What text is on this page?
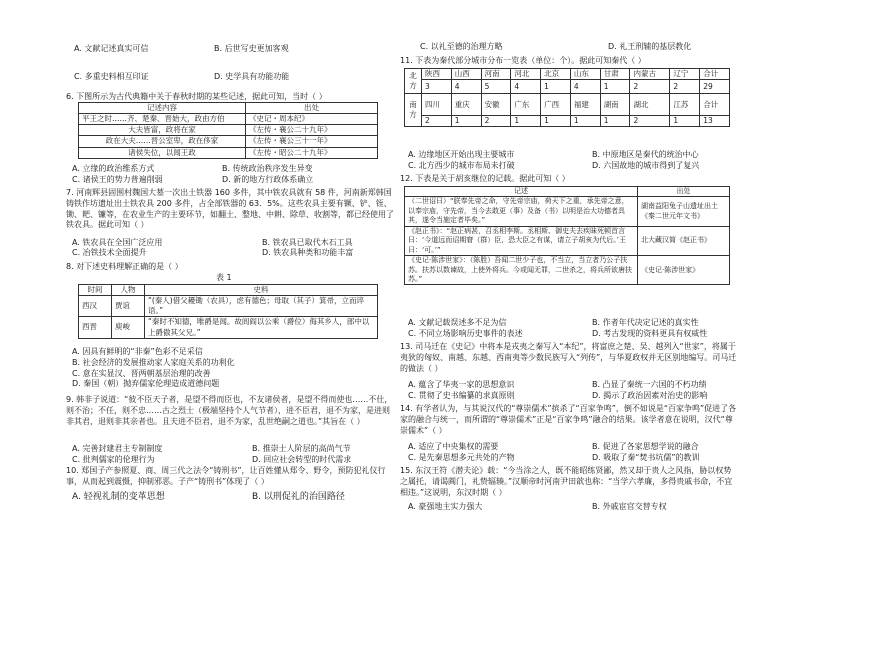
A. 文献记述真实可信	B. 后世写史更加客观
C. 多重史料相互印证	D. 史学具有功能功能
6. 下图所示为古代典籍中关于春秋时期的某些记述，据此可知，当时（ ）
记述内容	出处
平王之时……齐、楚秦、晋始大，政由方伯	《史记・周本纪》
大夫皆富，政将在家	《左传・襄公二十九年》
政在大夫……晋公室卑，政在侈家	《左传・襄公三十一年》
诸侯失位，以闻王政	《左传・昭公二十九年》
A. 立缘的政治维系方式	B. 传统政治秩序发生异变
C. 诸侯王的势力普遍削弱	D. 新的地方行政体系确立
7. 河南辉县固围村魏国大墓一次出土铁器 160 多件，其中铁农具就有 58 件，河南新郑韩国铸铁作坊遗址出土铁农具 200 多件，占全部铁器的 63．5%。这些农具主要有镢、铲、铚、锄、耙、镰等，在农业生产的主要环节，如翻土、整地、中耕、除草、收割等，都已经使用了铁农具。据此可知（ ）
A. 铁农具在全国广泛应用	B. 铁农具已取代木石工具
C. 冶铁技术全面提升	D. 铁农具种类和功能丰富
8. 对下述史料理解正确的是（ ）
表 1
时间	人物	史料
西汉	贾谊	“(秦人)借父耰锄（农具），虑有德色；母取（其子）箕帚，立而谇语。”
西晋	庾峻	“秦时不知德，唯爵是闻。故闾阎以公乘（爵位）侮其乡人，郎中以上爵傲其父兄。”
A. 因具有鲜明的“非秦”色彩不足采信
B. 社会经济的发展推动家人家庭关系的功利化
C. 意在实显汉、晋两朝基层治理的改善
D. 秦国（朝）抛弃儒家伦理造成道德问题
9. 韩非子说道：“彼不臣天子者，是望不得而臣也，不友诸侯者，是望不得而使也……不仕，则不治；不任，则不忠……古之烈士（极端坚持个人气节者），进不臣君，退不为家，是进则非其君，退则非其亲者也。且夫进不臣君，退不为家，乱世绝嗣之道也。”其旨在（ ）
A. 完善封建君主专制制度	B. 推崇士人阶层的高尚气节
C. 批判儒家的伦理行为	D. 回应社会转型的时代需求
10. 郑国子产参照夏、商、周三代之法令“铸刑书”，让百姓懂从郑令、野令，预防犯礼仪行事，从而起到震慑，抑制邪恶。子产“铸刑书”体现了（ ）
A. 轻视礼制的变革思想	B. 以刑促礼的治国路径
C. 以礼至德的治理方略	D. 礼王刑辅的基层教化
11. 下表为秦代部分城市分布一览表（单位：个）。据此可知秦代（ ）
北方	陕西	山西	河南	河北	北京	山东	甘肃	内蒙古	辽宁	合计
	3	4	5	4	1	4	1	2	2	29
南方	四川	重庆	安徽	广东	广西	福建	湖南	湖北	江苏	合计
	2	1	2	1	1	1	1	2	1	13
A. 边缘地区开始出现主要城市	B. 中原地区是秦代的统治中心
C. 北方西少的城市布局未打破	D. 六国故地的城市得到了复兴
12. 下表是关于胡亥继位的记载。据此可知（ ）
记述	出处
（二世诏曰）“朕奉先帝之命，守先帝宗庙，荷天下之重，承先帝之意，以奉宗庙，守先帝，当今去敢更（事）及备（书）以明是治大功德者具其，遂令当施定者毕矣。”	湖南益阳兔子山遗址出土《秦二世元年文书》
《赵正书》：“赵正病甚，召丞相李斯。丞相斯、御史夫去疾昧死顿首言曰：‘今道远而诏期窘（群）臣，恐大臣之有谋，请立子胡亥为代后。’王曰：‘可。’”	北大藏汉简《赵正书》
《史记·陈涉世家》：（陈胜）吾闻二世少子也，不当立，当立者乃公子扶苏。扶苏以数谏故，上使外将兵。今或闻无罪，二世杀之，将兵所欲唐扶苏。”	《史记·陈涉世家》
A. 文献记载误述多不足为信	B. 作者年代决定记述的真实性
C. 不同立场影响历史事件的表述	D. 考古发现的资料更具有权威性
13. 司马迁在《史记》中将本是戎夷之秦写入“本纪”，将富庶之楚、吴、越列入“世家”，将属于夷狄的匈奴、南越、东越、西南夷等少数民族写入“列传”，与华夏政权并无区别地编写。司马迁的做法（ ）
A. 蕴含了华夷一家的思想意识	B. 凸显了秦统一六国的不朽功绩
C. 贯彻了史书编纂的求真原则	D. 揭示了政治因素对治史的影响
14. 有学者认为，与其说汉代的“尊崇儒术”摈杀了“百家争鸣”，倒不如说是“百家争鸣”促进了各家的融合与统一，而所谓的“尊崇儒术”正是“百家争鸣”融合的结果。该学者意在说明，汉代“尊崇儒术”（ ）
A. 适应了中央集权的需要	B. 促进了各家思想学说的融合
C. 是先秦思想多元共处的产物	D. 吸取了秦“焚书坑儒”的教训
15. 东汉王符《潜夫论》载：“今当涂之人，既不能昭练贤鄙，然又却于贵人之风指，胁以权势之属托，请谒阗门，礼贽辐辏。”汉顺帝时河南尹田歆也称：“当学六孝廉，多得贵戚书命，不宜相违。”这说明，东汉时期（ ）
A. 豪强地主实力强大	B. 外戚宦官交替专权
